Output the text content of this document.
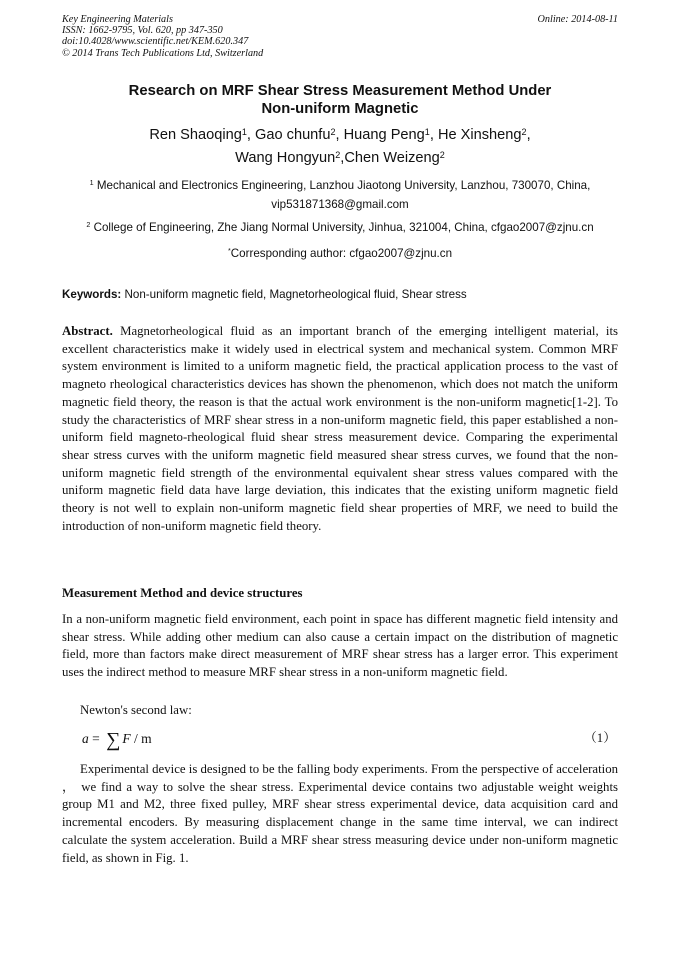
Key Engineering Materials
ISSN: 1662-9795, Vol. 620, pp 347-350
doi:10.4028/www.scientific.net/KEM.620.347
© 2014 Trans Tech Publications Ltd, Switzerland
Online: 2014-08-11
Research on MRF Shear Stress Measurement Method Under
Non-uniform Magnetic
Ren Shaoqing$^1$, Gao chunfu$^2$, Huang Peng$^1$, He Xinsheng$^2$,
Wang Hongyun$^2$,Chen Weizeng$^2$
$^1$ Mechanical and Electronics Engineering, Lanzhou Jiaotong University, Lanzhou, 730070, China,
vip531871368@gmail.com
$^2$ College of Engineering, Zhe Jiang Normal University, Jinhua, 321004, China, cfgao2007@zjnu.cn
*Corresponding author: cfgao2007@zjnu.cn
Keywords: Non-uniform magnetic field, Magnetorheological fluid, Shear stress
Abstract. Magnetorheological fluid as an important branch of the emerging intelligent material, its excellent characteristics make it widely used in electrical system and mechanical system. Common MRF system environment is limited to a uniform magnetic field, the practical application process to the vast of magneto rheological characteristics devices has shown the phenomenon, which does not match the uniform magnetic field theory, the reason is that the actual work environment is the non-uniform magnetic[1-2]. To study the characteristics of MRF shear stress in a non-uniform magnetic field, this paper established a non-uniform field magneto-rheological fluid shear stress measurement device. Comparing the experimental shear stress curves with the uniform magnetic field measured shear stress curves, we found that the non-uniform magnetic field strength of the environmental equivalent shear stress values compared with the uniform magnetic field data have large deviation, this indicates that the existing uniform magnetic field theory is not well to explain non-uniform magnetic field shear properties of MRF, we need to build the introduction of non-uniform magnetic field theory.
Measurement Method and device structures
In a non-uniform magnetic field environment, each point in space has different magnetic field intensity and shear stress. While adding other medium can also cause a certain impact on the distribution of magnetic field, more than factors make direct measurement of MRF shear stress has a larger error. This experiment uses the indirect method to measure MRF shear stress in a non-uniform magnetic field.
Newton's second law:
a = ∑ F / m	（1）
Experimental device is designed to be the falling body experiments. From the perspective of acceleration ， we find a way to solve the shear stress. Experimental device contains two adjustable weight weights group M1 and M2, three fixed pulley, MRF shear stress experimental device, data acquisition card and incremental encoders. By measuring displacement change in the same time interval, we can indirect calculate the system acceleration. Build a MRF shear stress measuring device under non-uniform magnetic field, as shown in Fig. 1.
